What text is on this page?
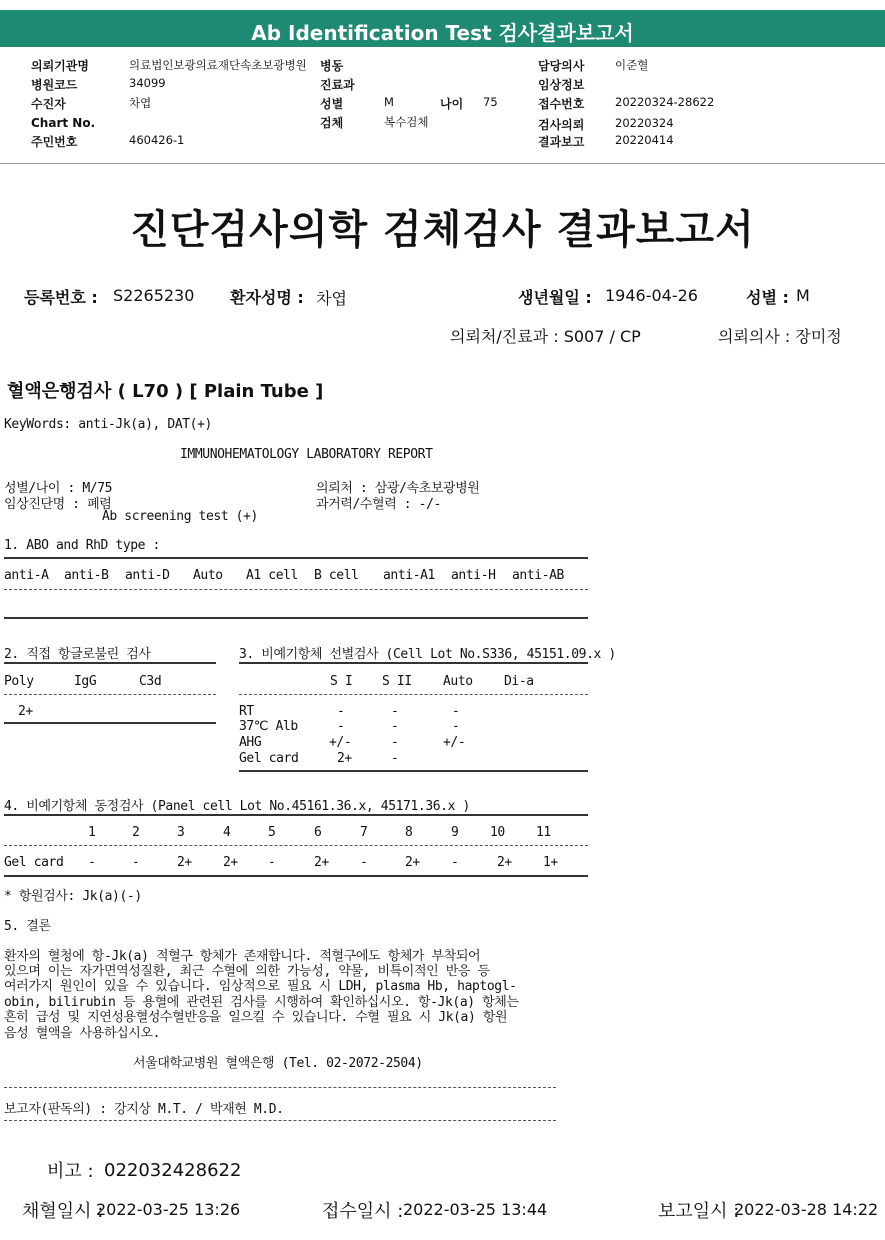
Ab Identification Test 검사결과보고서
의뢰기관명	의료법인보광의료재단속초보광병원 병동
병원코드	34099	진료과
수진자	차엽	성별	M	나이 75
Chart No.	검체	복수검체
주민번호	460426-1
담당의사	이준혈
임상정보
접수번호	20220324-28622
검사의뢰	20220324
결과보고	20220414
진단검사의학 검체검사 결과보고서
등록번호 : S2265230 환자성명 : 차엽	생년월일 : 1946-04-26	성별 : M
의뢰처/진료과 : S007 / CP	의뢰의사 : 장미정
혈액은행검사 ( L70 ) [ Plain Tube ]
KeyWords: anti-Jk(a), DAT(+)
IMMUNOHEMATOLOGY LABORATORY REPORT
성별/나이 : M/75
임상진단명 : 폐렴
Ab screening test (+)
의뢰처 : 삼광/속초보광병원
과거력/수혈력 : -/-
1. ABO and RhD type :
anti-A anti-B anti-D Auto A1 cell B cell anti-A1 anti-H anti-AB
2. 직접 항글로불린 검사
Poly	IgG	C3d
2+
3. 비예기항체 선별검사 (Cell Lot No.S336, 45151.09.x )
S I S II Auto Di-a
RT	-	-	-
37℃ Alb	-	-	-
AHG	+/-	-	+/-
Gel card	2+	-
4. 비예기항체 동정검사 (Panel cell Lot No.45161.36.x, 45171.36.x )
1	2	3	4	5	6	7	8	9 10 11
Gel card -	-	2+ 2+ -	2+ -	2+ -	2+ 1+
* 항원검사: Jk(a)(-)
5. 결론
환자의 혈청에 항-Jk(a) 적혈구 항체가 존재합니다. 적혈구에도 항체가 부착되어
있으며 이는 자가면역성질환, 최근 수혈에 의한 가능성, 약물, 비특이적인 반응 등
여러가지 원인이 있을 수 있습니다. 임상적으로 필요 시 LDH, plasma Hb, haptogl-
obin, bilirubin 등 용혈에 관련된 검사를 시행하여 확인하십시오. 항-Jk(a) 항체는
흔히 급성 및 지연성용혈성수혈반응을 일으킬 수 있습니다. 수혈 필요 시 Jk(a) 항원
음성 혈액을 사용하십시오.
서울대학교병원 혈액은행 (Tel. 02-2072-2504)
보고자(판독의) : 강지상 M.T. / 박재현 M.D.
비고 : 022032428622
채혈일시 :
2022-03-25 13:26	접수일시 : 2022-03-25 13:44	보고일시 :
2022-03-28 14:22
